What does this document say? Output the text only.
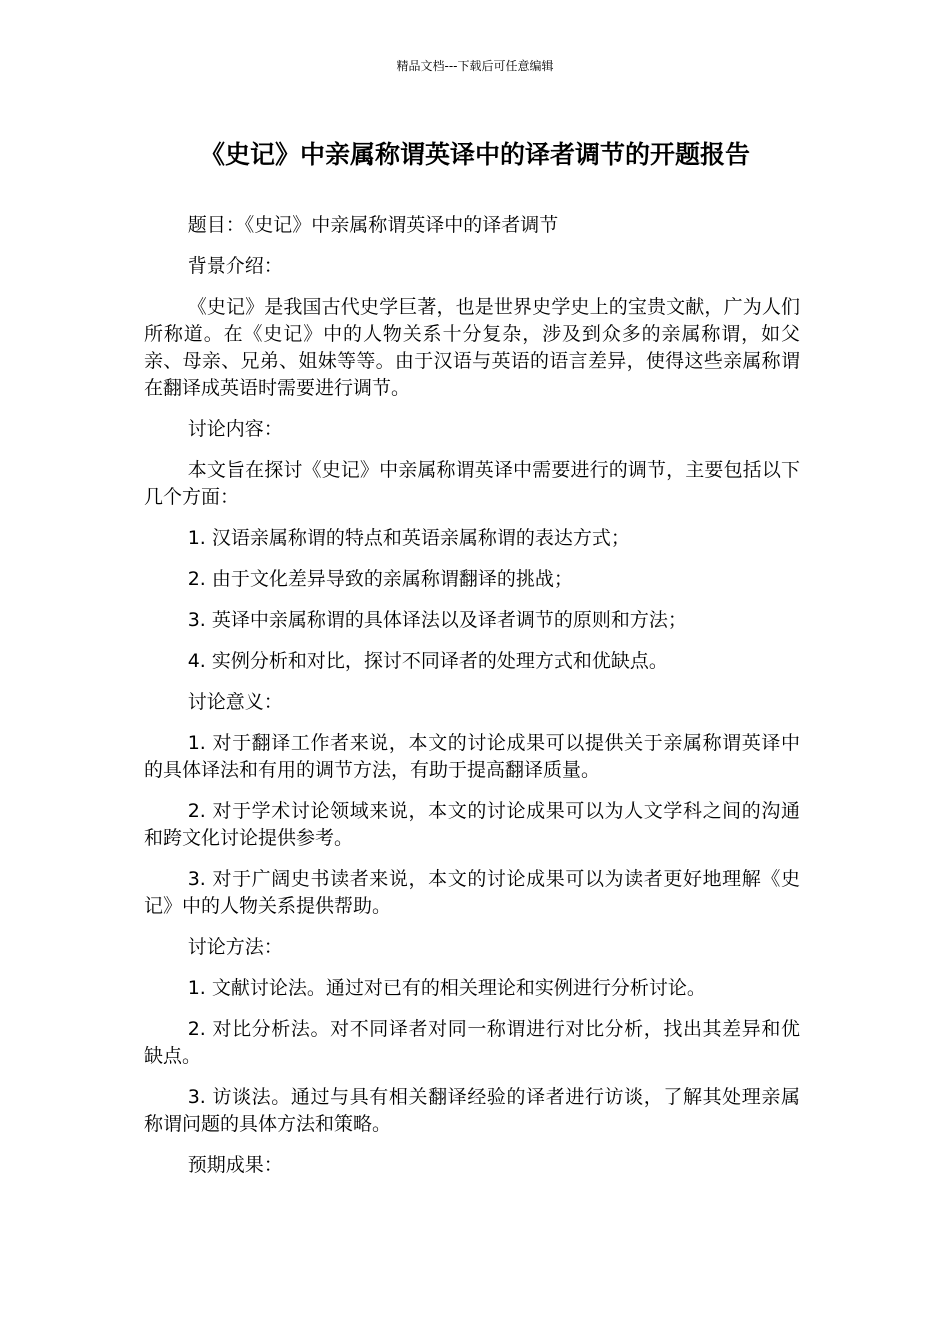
精品文档---下载后可任意编辑
《史记》中亲属称谓英译中的译者调节的开题报告

题目：《史记》中亲属称谓英译中的译者调节

背景介绍：

《史记》是我国古代史学巨著，也是世界史学史上的宝贵文献，广为人们所称道。在《史记》中的人物关系十分复杂，涉及到众多的亲属称谓，如父亲、母亲、兄弟、姐妹等等。由于汉语与英语的语言差异，使得这些亲属称谓在翻译成英语时需要进行调节。

讨论内容：

本文旨在探讨《史记》中亲属称谓英译中需要进行的调节，主要包括以下几个方面：

1. 汉语亲属称谓的特点和英语亲属称谓的表达方式；

2. 由于文化差异导致的亲属称谓翻译的挑战；

3. 英译中亲属称谓的具体译法以及译者调节的原则和方法；

4. 实例分析和对比，探讨不同译者的处理方式和优缺点。

讨论意义：

1. 对于翻译工作者来说，本文的讨论成果可以提供关于亲属称谓英译中的具体译法和有用的调节方法，有助于提高翻译质量。

2. 对于学术讨论领域来说，本文的讨论成果可以为人文学科之间的沟通和跨文化讨论提供参考。

3. 对于广阔史书读者来说，本文的讨论成果可以为读者更好地理解《史记》中的人物关系提供帮助。

讨论方法：

1. 文献讨论法。通过对已有的相关理论和实例进行分析讨论。

2. 对比分析法。对不同译者对同一称谓进行对比分析，找出其差异和优缺点。

3. 访谈法。通过与具有相关翻译经验的译者进行访谈，了解其处理亲属称谓问题的具体方法和策略。

预期成果：
